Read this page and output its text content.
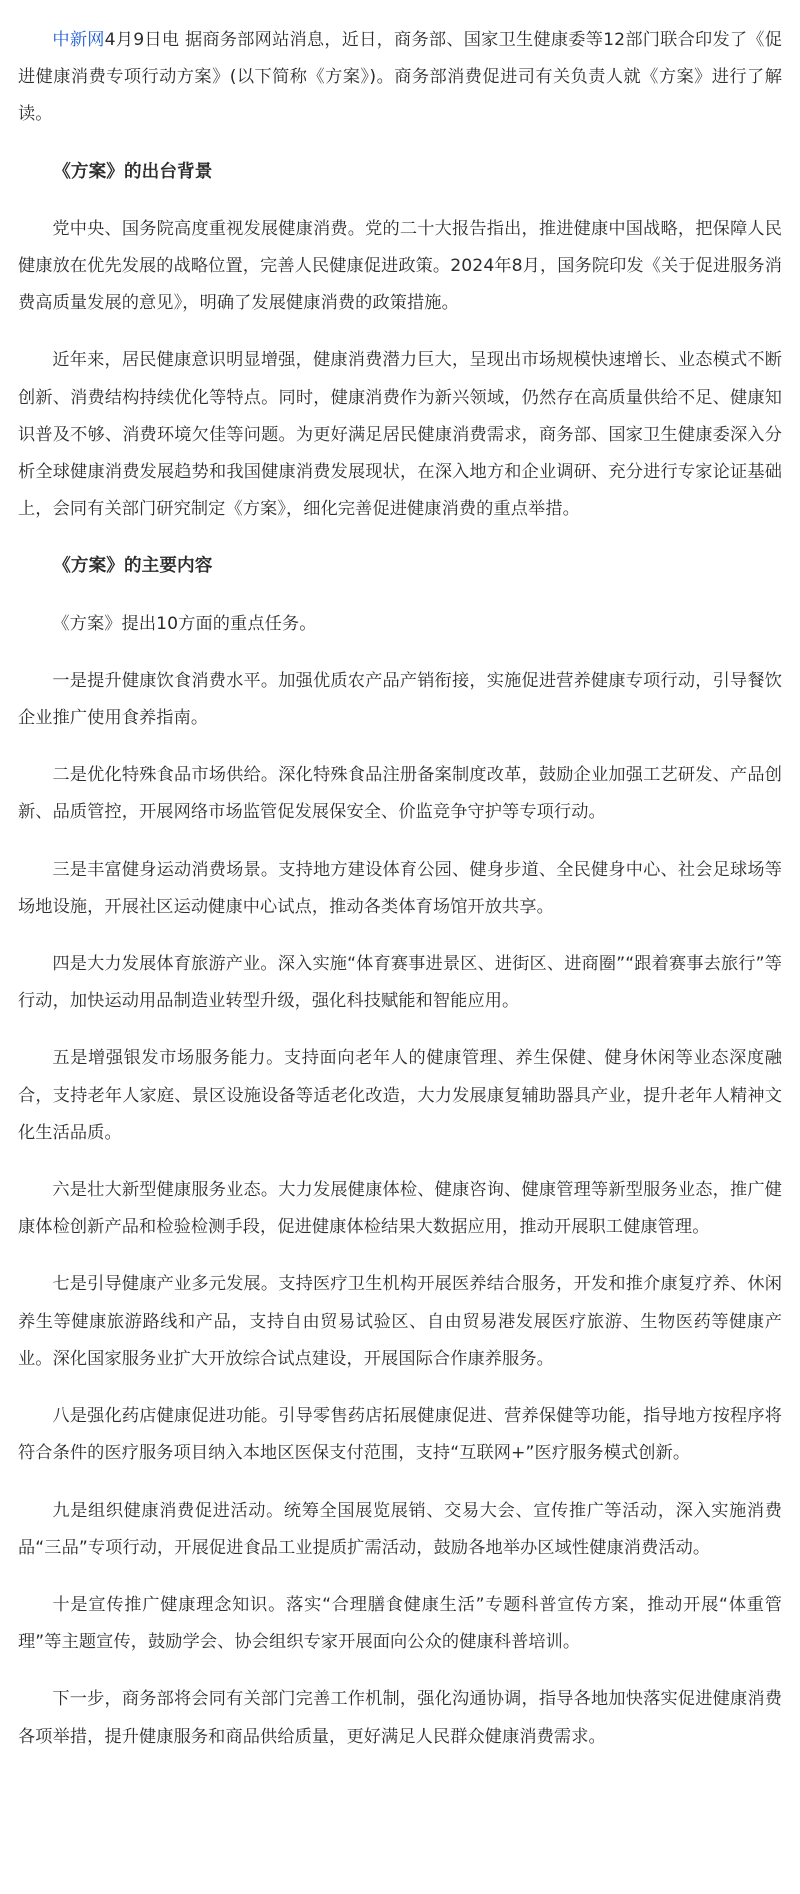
中新网4月9日电 据商务部网站消息，近日，商务部、国家卫生健康委等12部门联合印发了《促进健康消费专项行动方案》(以下简称《方案》)。商务部消费促进司有关负责人就《方案》进行了解读。

《方案》的出台背景

党中央、国务院高度重视发展健康消费。党的二十大报告指出，推进健康中国战略，把保障人民健康放在优先发展的战略位置，完善人民健康促进政策。2024年8月，国务院印发《关于促进服务消费高质量发展的意见》，明确了发展健康消费的政策措施。

近年来，居民健康意识明显增强，健康消费潜力巨大，呈现出市场规模快速增长、业态模式不断创新、消费结构持续优化等特点。同时，健康消费作为新兴领域，仍然存在高质量供给不足、健康知识普及不够、消费环境欠佳等问题。为更好满足居民健康消费需求，商务部、国家卫生健康委深入分析全球健康消费发展趋势和我国健康消费发展现状，在深入地方和企业调研、充分进行专家论证基础上，会同有关部门研究制定《方案》，细化完善促进健康消费的重点举措。

《方案》的主要内容

《方案》提出10方面的重点任务。

一是提升健康饮食消费水平。加强优质农产品产销衔接，实施促进营养健康专项行动，引导餐饮企业推广使用食养指南。

二是优化特殊食品市场供给。深化特殊食品注册备案制度改革，鼓励企业加强工艺研发、产品创新、品质管控，开展网络市场监管促发展保安全、价监竞争守护等专项行动。

三是丰富健身运动消费场景。支持地方建设体育公园、健身步道、全民健身中心、社会足球场等场地设施，开展社区运动健康中心试点，推动各类体育场馆开放共享。

四是大力发展体育旅游产业。深入实施“体育赛事进景区、进街区、进商圈”“跟着赛事去旅行”等行动，加快运动用品制造业转型升级，强化科技赋能和智能应用。

五是增强银发市场服务能力。支持面向老年人的健康管理、养生保健、健身休闲等业态深度融合，支持老年人家庭、景区设施设备等适老化改造，大力发展康复辅助器具产业，提升老年人精神文化生活品质。

六是壮大新型健康服务业态。大力发展健康体检、健康咨询、健康管理等新型服务业态，推广健康体检创新产品和检验检测手段，促进健康体检结果大数据应用，推动开展职工健康管理。

七是引导健康产业多元发展。支持医疗卫生机构开展医养结合服务，开发和推介康复疗养、休闲养生等健康旅游路线和产品，支持自由贸易试验区、自由贸易港发展医疗旅游、生物医药等健康产业。深化国家服务业扩大开放综合试点建设，开展国际合作康养服务。

八是强化药店健康促进功能。引导零售药店拓展健康促进、营养保健等功能，指导地方按程序将符合条件的医疗服务项目纳入本地区医保支付范围，支持“互联网+”医疗服务模式创新。

九是组织健康消费促进活动。统筹全国展览展销、交易大会、宣传推广等活动，深入实施消费品“三品”专项行动，开展促进食品工业提质扩需活动，鼓励各地举办区域性健康消费活动。

十是宣传推广健康理念知识。落实“合理膳食健康生活”专题科普宣传方案，推动开展“体重管理”等主题宣传，鼓励学会、协会组织专家开展面向公众的健康科普培训。

下一步，商务部将会同有关部门完善工作机制，强化沟通协调，指导各地加快落实促进健康消费各项举措，提升健康服务和商品供给质量，更好满足人民群众健康消费需求。
